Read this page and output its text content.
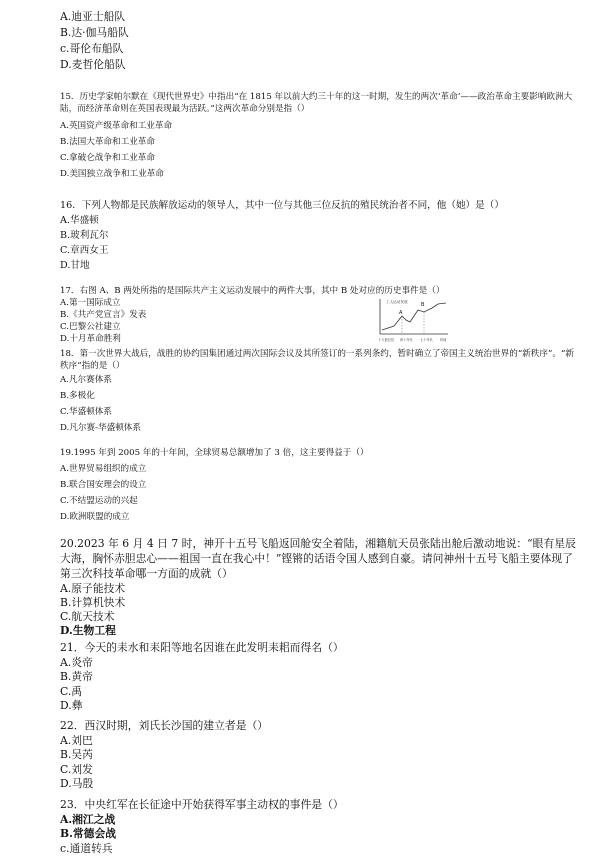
A.迪亚士船队
B.达·伽马船队
c.哥伦布船队
D.麦哲伦船队
15．历史学家帕尔默在《现代世界史》中指出“在 1815 年以前大约三十年的这一时期，发生的两次‘革命’——政治革命主要影响欧洲大陆，而经济革命则在英国表现最为活跃。”这两次革命分别是指（）
A.英国资产级革命和工业革命
B.法国大革命和工业革命
C.拿破仑战争和工业革命
D.美国独立战争和工业革命
16．下列人物都是民族解放运动的领导人，其中一位与其他三位反抗的殖民统治者不同，他（她）是（）
A.华盛顿
B.玻利瓦尔
C.章西女王
D.甘地
17．右图 A、B 两处所指的是国际共产主义运动发展中的两件大事，其中 B 处对应的历史事件是（）
A.第一国际成立
B.《共产党宣言》发表
C.巴黎公社建立
D.十月革命胜利
工人运动发展
A
B
十九世纪初 四十年代 七十年代 时间
18．第一次世界大战后，战胜的协约国集团通过两次国际会议及其所签订的一系列条约，暂时确立了帝国主义统治世界的“新秩序”。“新秩序”指的是（）
A.凡尔赛体系
B.多极化
C.华盛顿体系
D.凡尔赛-华盛顿体系
19.1995 年到 2005 年的十年间，全球贸易总额增加了 3 倍，这主要得益于（）
A.世界贸易组织的成立
B.联合国安理会的设立
C.不结盟运动的兴起
D.欧洲联盟的成立
20.2023 年 6 月 4 日 7 时，神开十五号飞船返回舱安全着陆，湘籍航天员张陆出舱后激动地说：“眼有星辰大海，胸怀赤胆忠心——祖国一直在我心中！”铿锵的话语令国人感到自豪。请问神州十五号飞船主要体现了第三次科技革命哪一方面的成就（）
A.原子能技术
B.计算机快术
C.航天技术
D.生物工程
21．今天的耒水和耒阳等地名因谁在此发明耒耜而得名（）
A.炎帝
B.黄帝
C.禹
D.彝
22．西汉时期，刘氏长沙国的建立者是（）
A.刘巴
B.吴芮
C.刘发
D.马殷
23．中央红军在长征途中开始获得军事主动权的事件是（）
A.湘江之战
B.常德会战
c.通道转兵
